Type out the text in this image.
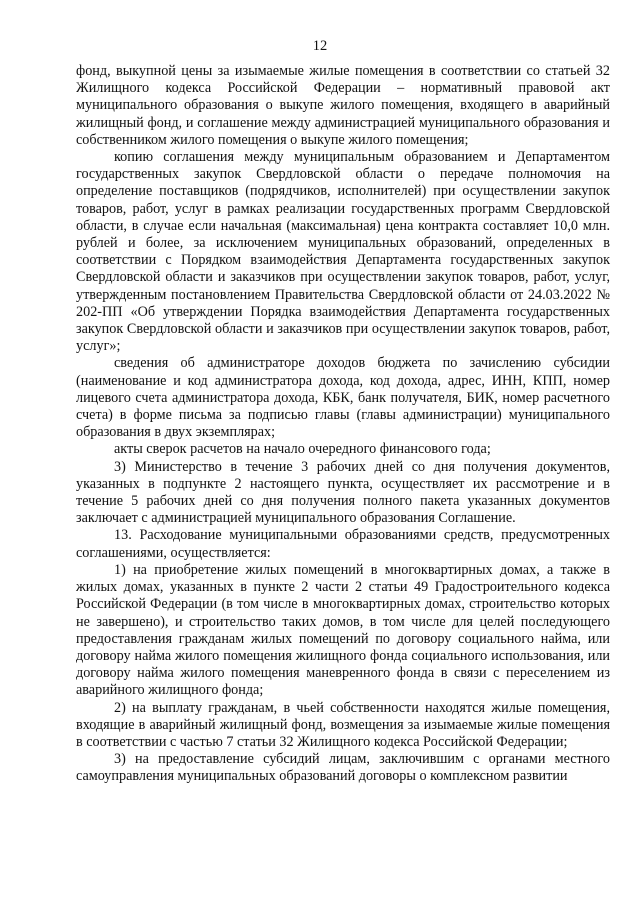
12

фонд, выкупной цены за изымаемые жилые помещения в соответствии со статьей 32 Жилищного кодекса Российской Федерации – нормативный правовой акт муниципального образования о выкупе жилого помещения, входящего в аварийный жилищный фонд, и соглашение между администрацией муниципального образования и собственником жилого помещения о выкупе жилого помещения;

копию соглашения между муниципальным образованием и Департаментом государственных закупок Свердловской области о передаче полномочия на определение поставщиков (подрядчиков, исполнителей) при осуществлении закупок товаров, работ, услуг в рамках реализации государственных программ Свердловской области, в случае если начальная (максимальная) цена контракта составляет 10,0 млн. рублей и более, за исключением муниципальных образований, определенных в соответствии с Порядком взаимодействия Департамента государственных закупок Свердловской области и заказчиков при осуществлении закупок товаров, работ, услуг, утвержденным постановлением Правительства Свердловской области от 24.03.2022 № 202-ПП «Об утверждении Порядка взаимодействия Департамента государственных закупок Свердловской области и заказчиков при осуществлении закупок товаров, работ, услуг»;

сведения об администраторе доходов бюджета по зачислению субсидии (наименование и код администратора дохода, код дохода, адрес, ИНН, КПП, номер лицевого счета администратора дохода, КБК, банк получателя, БИК, номер расчетного счета) в форме письма за подписью главы (главы администрации) муниципального образования в двух экземплярах;

акты сверок расчетов на начало очередного финансового года;

3) Министерство в течение 3 рабочих дней со дня получения документов, указанных в подпункте 2 настоящего пункта, осуществляет их рассмотрение и в течение 5 рабочих дней со дня получения полного пакета указанных документов заключает с администрацией муниципального образования Соглашение.

13. Расходование муниципальными образованиями средств, предусмотренных соглашениями, осуществляется:

1) на приобретение жилых помещений в многоквартирных домах, а также в жилых домах, указанных в пункте 2 части 2 статьи 49 Градостроительного кодекса Российской Федерации (в том числе в многоквартирных домах, строительство которых не завершено), и строительство таких домов, в том числе для целей последующего предоставления гражданам жилых помещений по договору социального найма, или договору найма жилого помещения жилищного фонда социального использования, или договору найма жилого помещения маневренного фонда в связи с переселением из аварийного жилищного фонда;

2) на выплату гражданам, в чьей собственности находятся жилые помещения, входящие в аварийный жилищный фонд, возмещения за изымаемые жилые помещения в соответствии с частью 7 статьи 32 Жилищного кодекса Российской Федерации;

3) на предоставление субсидий лицам, заключившим с органами местного самоуправления муниципальных образований договоры о комплексном развитии
